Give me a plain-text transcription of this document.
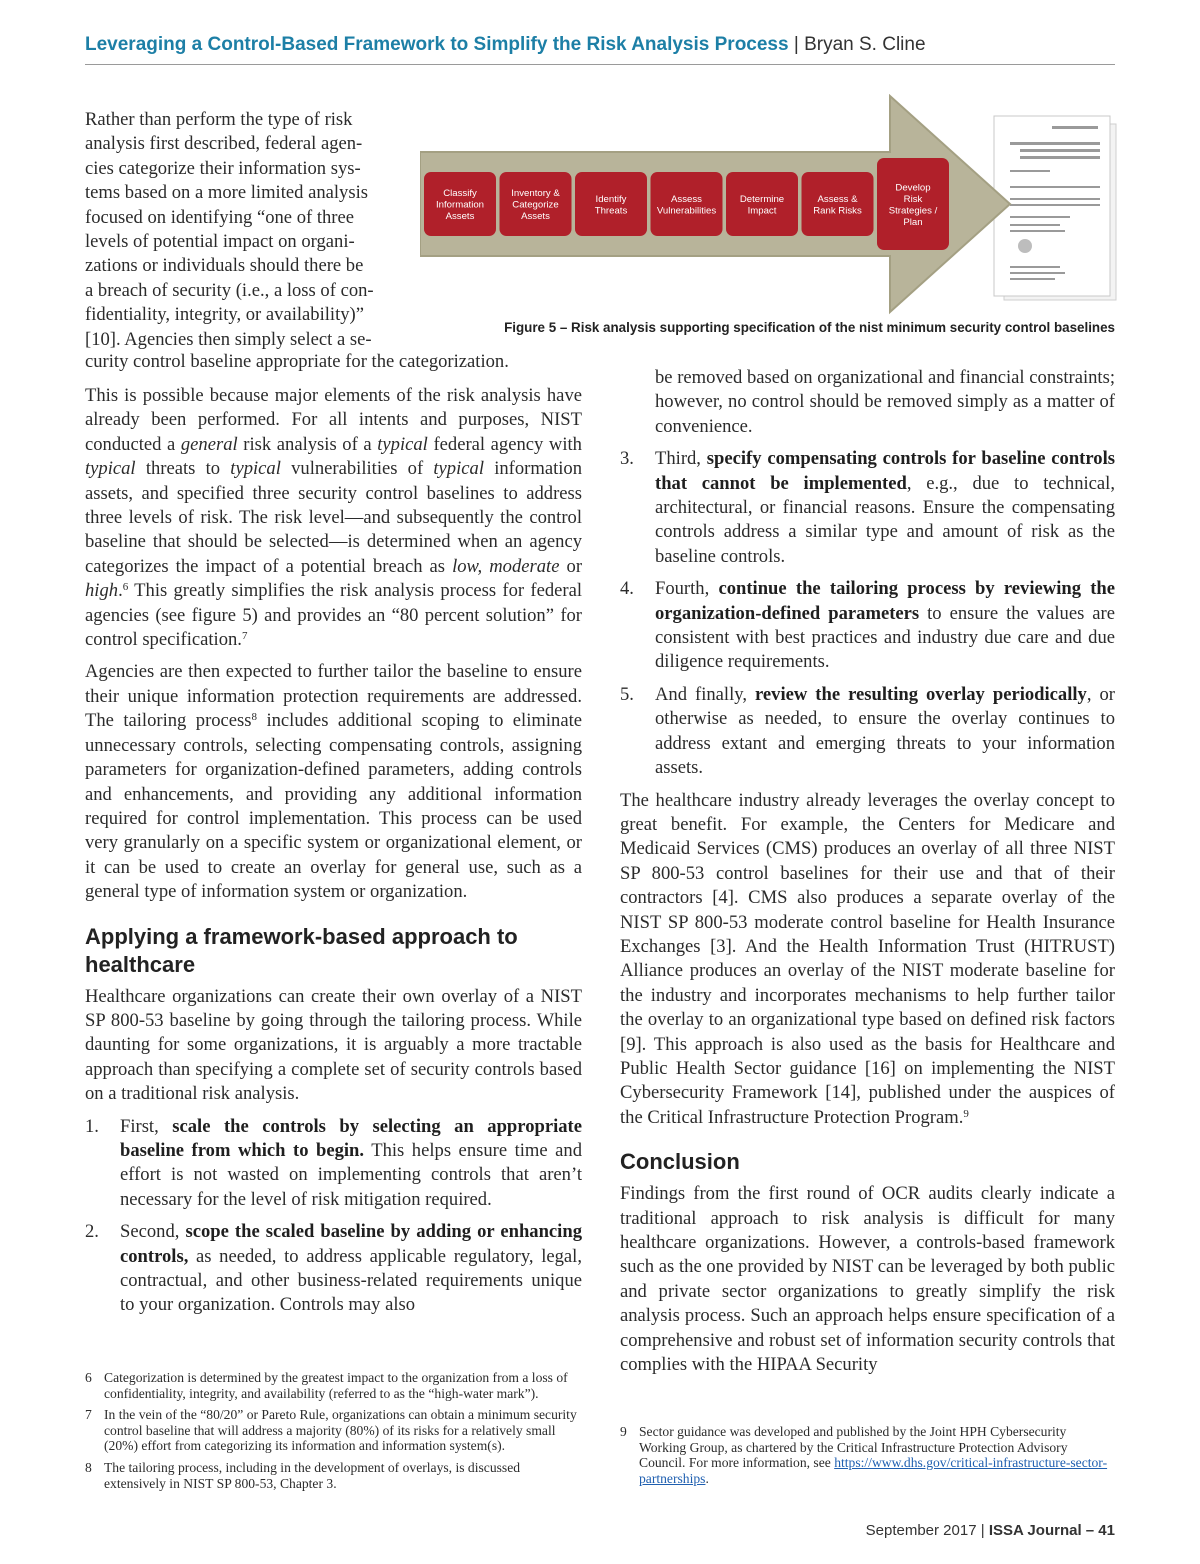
Leveraging a Control-Based Framework to Simplify the Risk Analysis Process | Bryan S. Cline
Rather than perform the type of risk
analysis first described, federal agen-
cies categorize their information sys-
tems based on a more limited analysis
focused on identifying “one of three
levels of potential impact on organi-
zations or individuals should there be
a breach of security (i.e., a loss of con-
fidentiality, integrity, or availability)”
[10]. Agencies then simply select a se-
curity control baseline appropriate for the categorization.
Classify
Information
Assets
Inventory &
Categorize
Assets
Identify
Threats
Assess
Vulnerabilities
Determine
Impact
Assess &
Rank Risks
Develop
Risk
Strategies /
Plan
Figure 5 – Risk analysis supporting specification of the nist minimum security control baselines

This is possible because major elements of the risk analysis have already been performed. For all intents and purposes, NIST conducted a general risk analysis of a typical federal agency with typical threats to typical vulnerabilities of typical information assets, and specified three security control baselines to address three levels of risk. The risk level—and subsequently the control baseline that should be selected—is determined when an agency categorizes the impact of a potential breach as low, moderate or high.$^6$ This greatly simplifies the risk analysis process for federal agencies (see figure 5) and provides an “80 percent solution” for control specification.$^7$

Agencies are then expected to further tailor the baseline to ensure their unique information protection requirements are addressed. The tailoring process$^8$ includes additional scoping to eliminate unnecessary controls, selecting compensating controls, assigning parameters for organization-defined parameters, adding controls and enhancements, and providing any additional information required for control implementation. This process can be used very granularly on a specific system or organizational element, or it can be used to create an overlay for general use, such as a general type of information system or organization.

Applying a framework-based approach to healthcare

Healthcare organizations can create their own overlay of a NIST SP 800-53 baseline by going through the tailoring process. While daunting for some organizations, it is arguably a more tractable approach than specifying a complete set of security controls based on a traditional risk analysis.

1. First, scale the controls by selecting an appropriate baseline from which to begin. This helps ensure time and effort is not wasted on implementing controls that aren’t necessary for the level of risk mitigation required.
2. Second, scope the scaled baseline by adding or enhancing controls, as needed, to address applicable regulatory, legal, contractual, and other business-related requirements unique to your organization. Controls may also
be removed based on organizational and financial constraints; however, no control should be removed simply as a matter of convenience.
3. Third, specify compensating controls for baseline controls that cannot be implemented, e.g., due to technical, architectural, or financial reasons. Ensure the compensating controls address a similar type and amount of risk as the baseline controls.
4. Fourth, continue the tailoring process by reviewing the organization-defined parameters to ensure the values are consistent with best practices and industry due care and due diligence requirements.
5. And finally, review the resulting overlay periodically, or otherwise as needed, to ensure the overlay continues to address extant and emerging threats to your information assets.

The healthcare industry already leverages the overlay concept to great benefit. For example, the Centers for Medicare and Medicaid Services (CMS) produces an overlay of all three NIST SP 800-53 control baselines for their use and that of their contractors [4]. CMS also produces a separate overlay of the NIST SP 800-53 moderate control baseline for Health Insurance Exchanges [3]. And the Health Information Trust (HITRUST) Alliance produces an overlay of the NIST moderate baseline for the industry and incorporates mechanisms to help further tailor the overlay to an organizational type based on defined risk factors [9]. This approach is also used as the basis for Healthcare and Public Health Sector guidance [16] on implementing the NIST Cybersecurity Framework [14], published under the auspices of the Critical Infrastructure Protection Program.$^9$

Conclusion

Findings from the first round of OCR audits clearly indicate a traditional approach to risk analysis is difficult for many healthcare organizations. However, a controls-based framework such as the one provided by NIST can be leveraged by both public and private sector organizations to greatly simplify the risk analysis process. Such an approach helps ensure specification of a comprehensive and robust set of information security controls that complies with the HIPAA Security

6 Categorization is determined by the greatest impact to the organization from a loss of confidentiality, integrity, and availability (referred to as the “high-water mark”).
7 In the vein of the “80/20” or Pareto Rule, organizations can obtain a minimum security control baseline that will address a majority (80%) of its risks for a relatively small (20%) effort from categorizing its information and information system(s).
8 The tailoring process, including in the development of overlays, is discussed extensively in NIST SP 800-53, Chapter 3.
9 Sector guidance was developed and published by the Joint HPH Cybersecurity Working Group, as chartered by the Critical Infrastructure Protection Advisory Council. For more information, see https://www.dhs.gov/critical-infrastructure-sector-partnerships.
September 2017 | ISSA Journal – 41
